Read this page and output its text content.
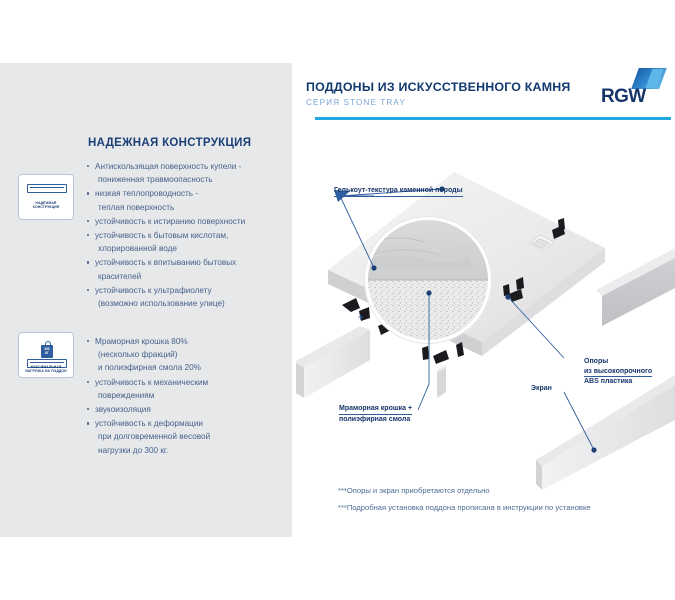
НАДЕЖНАЯ КОНСТРУКЦИЯ
НАДЕЖНАЯ
КОНСТРУКЦИЯ
300
КГ
МАКСИМАЛЬНАЯ
НАГРУЗКА НА ПОДДОН
Антискользящая поверхность купели -
пониженная травмоопасность
низкая теплопроводность -
теплая поверхность
устойчивость к истиранию поверхности
устойчивость к бытовым кислотам,
хлорированной воде
устойчивость к впитыванию бытовых
красителей
устойчивость к ультрафиолету
(возможно использование улице)
Мраморная крошка 80%
(несколько фракций)
и полиэфирная смола 20%
устойчивость к механическим
повреждениям
звукоизоляция
устойчивость к деформации
при долговременной весовой
нагрузки до 300 кг.
ПОДДОНЫ ИЗ ИСКУССТВЕННОГО КАМНЯ
СЕРИЯ STONE TRAY	RGW
+
Гелькоут-текстура каменной породы
Мраморная крошка +
полиэфирная смола
Экран
Опоры
из высокопрочного
ABS пластика
***Опоры и экран приобретаются отдельно
***Подробная установка поддона прописана в инструкции по установке
